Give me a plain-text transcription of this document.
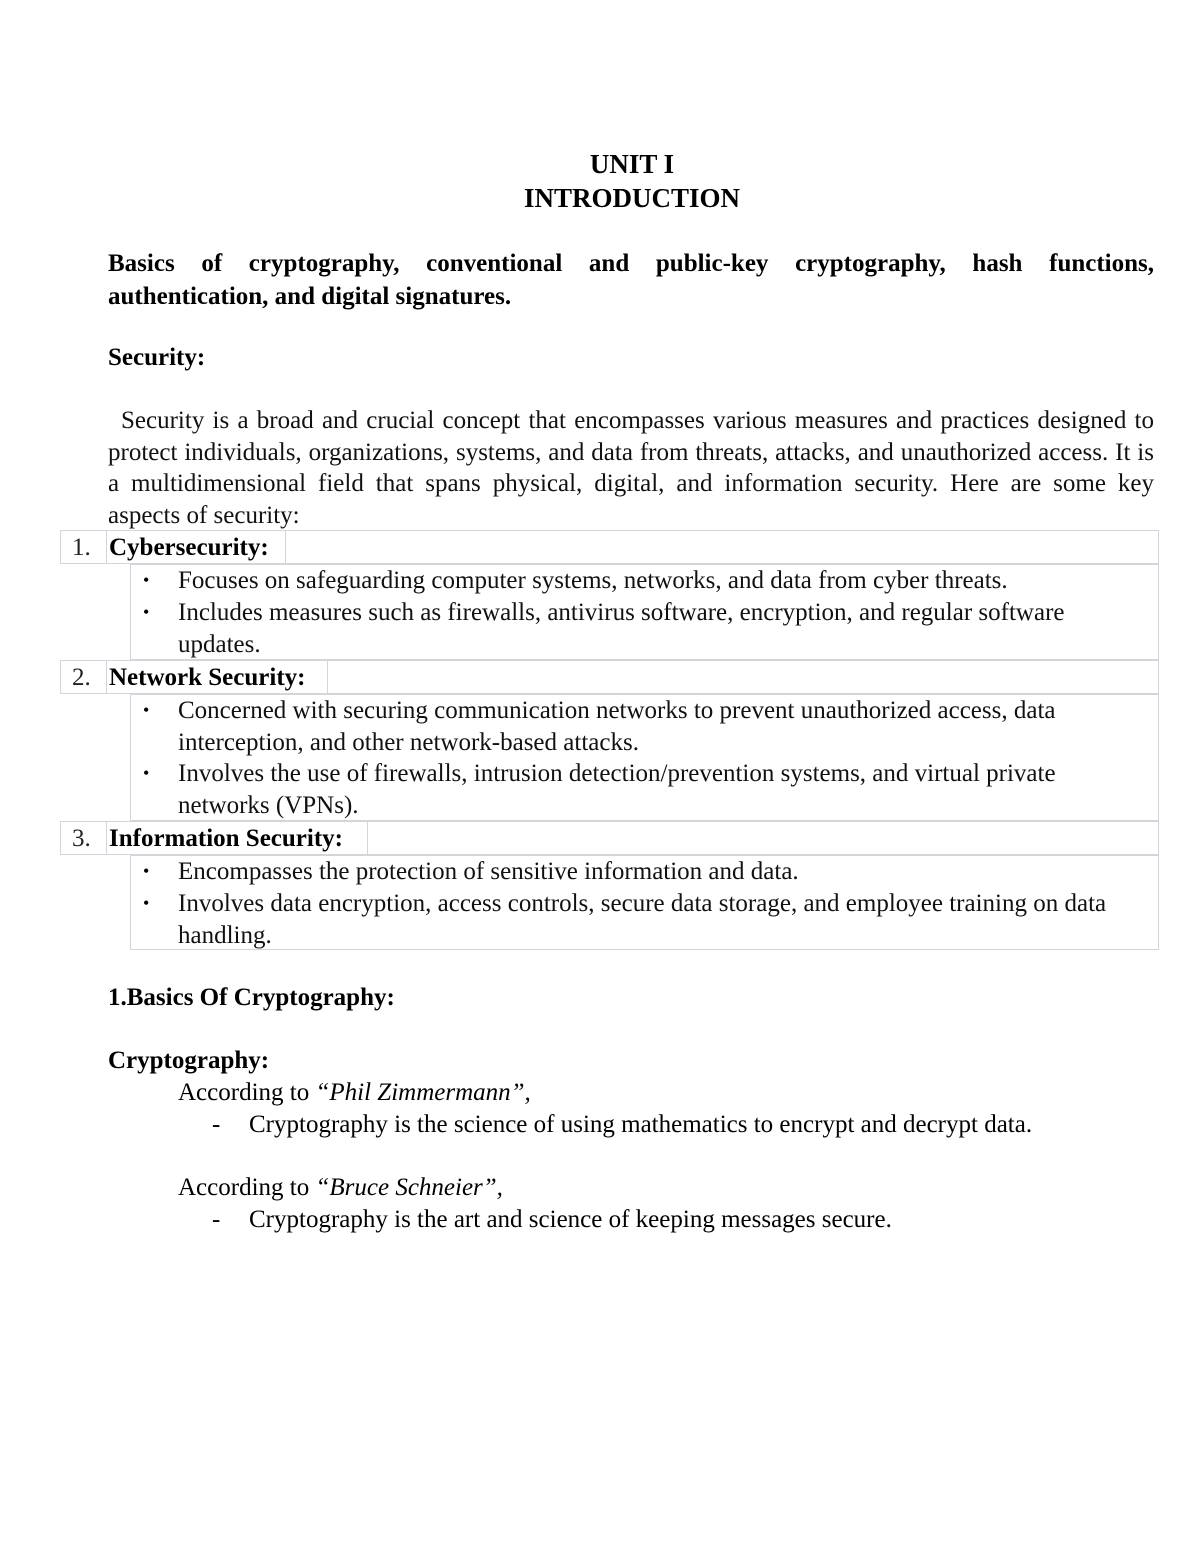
UNIT I
INTRODUCTION
Basics of cryptography, conventional and public-key cryptography, hash functions, authentication, and digital signatures.
Security:
Security is a broad and crucial concept that encompasses various measures and practices designed to protect individuals, organizations, systems, and data from threats, attacks, and unauthorized access. It is a multidimensional field that spans physical, digital, and information security. Here are some key aspects of security:
1. Cybersecurity:
• Focuses on safeguarding computer systems, networks, and data from cyber threats.
• Includes measures such as firewalls, antivirus software, encryption, and regular software updates.
2. Network Security:
• Concerned with securing communication networks to prevent unauthorized access, data interception, and other network-based attacks.
• Involves the use of firewalls, intrusion detection/prevention systems, and virtual private networks (VPNs).
3. Information Security:
• Encompasses the protection of sensitive information and data.
• Involves data encryption, access controls, secure data storage, and employee training on data handling.
1.Basics Of Cryptography:
Cryptography:
According to “Phil Zimmermann”,
- Cryptography is the science of using mathematics to encrypt and decrypt data.
According to “Bruce Schneier”,
- Cryptography is the art and science of keeping messages secure.
